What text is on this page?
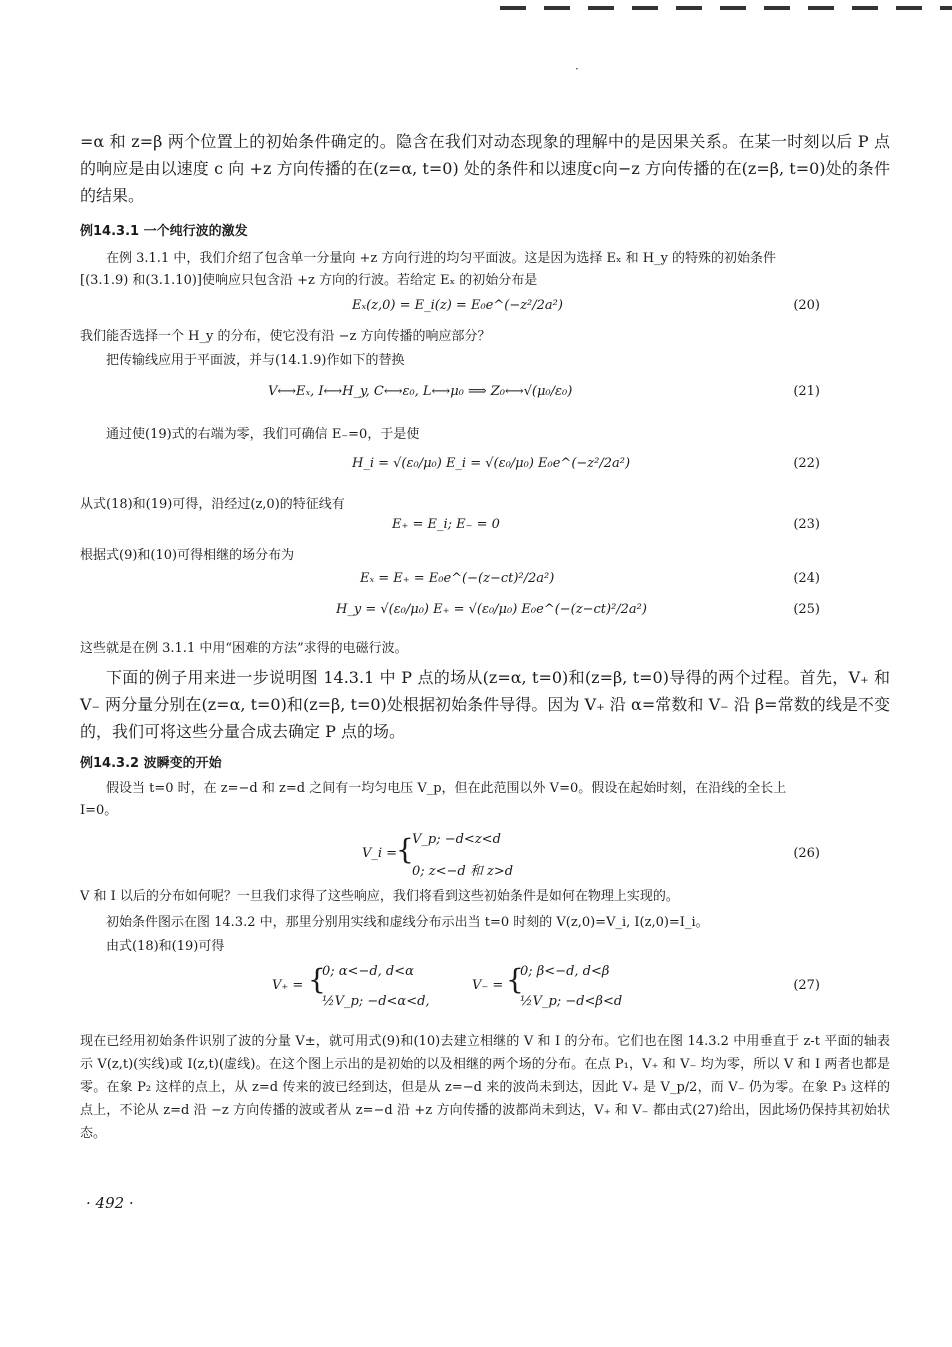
·

=α 和 z=β 两个位置上的初始条件确定的。隐含在我们对动态现象的理解中的是因果关系。在某一时刻以后 P 点的响应是由以速度 c 向 +z 方向传播的在(z=α, t=0) 处的条件和以速度c向−z 方向传播的在(z=β, t=0)处的条件的结果。

例14.3.1 一个纯行波的激发

在例 3.1.1 中，我们介绍了包含单一分量向 +z 方向行进的均匀平面波。这是因为选择 Eₓ 和 H_y 的特殊的初始条件[(3.1.9) 和(3.1.10)]使响应只包含沿 +z 方向的行波。若给定 Eₓ 的初始分布是

Eₓ(z,0) = E_i(z) = E₀e^(−z²/2a²)	(20)

我们能否选择一个 H_y 的分布，使它没有沿 −z 方向传播的响应部分？

把传输线应用于平面波，并与(14.1.9)作如下的替换

V⟷Eₓ, I⟷H_y, C⟷ε₀, L⟷μ₀ ⟹ Z₀⟷√(μ₀/ε₀)	(21)

通过使(19)式的右端为零，我们可确信 E₋=0，于是使

H_i = √(ε₀/μ₀) E_i = √(ε₀/μ₀) E₀e^(−z²/2a²)	(22)

从式(18)和(19)可得，沿经过(z,0)的特征线有

E₊ = E_i; E₋ = 0	(23)

根据式(9)和(10)可得相继的场分布为

Eₓ = E₊ = E₀e^(−(z−ct)²/2a²)	(24)
H_y = √(ε₀/μ₀) E₊ = √(ε₀/μ₀) E₀e^(−(z−ct)²/2a²)	(25)

这些就是在例 3.1.1 中用“困难的方法”求得的电磁行波。

下面的例子用来进一步说明图 14.3.1 中 P 点的场从(z=α, t=0)和(z=β, t=0)导得的两个过程。首先，V₊ 和 V₋ 两分量分别在(z=α, t=0)和(z=β, t=0)处根据初始条件导得。因为 V₊ 沿 α=常数和 V₋ 沿 β=常数的线是不变的，我们可将这些分量合成去确定 P 点的场。

例14.3.2 波瞬变的开始

假设当 t=0 时，在 z=−d 和 z=d 之间有一均匀电压 V_p，但在此范围以外 V=0。假设在起始时刻，在沿线的全长上 I=0。

V_i =
{
V_p; −d<z<d
0; z<−d 和 z>d
(26)

V 和 I 以后的分布如何呢？一旦我们求得了这些响应，我们将看到这些初始条件是如何在物理上实现的。

初始条件图示在图 14.3.2 中，那里分别用实线和虚线分布示出当 t=0 时刻的 V(z,0)=V_i, I(z,0)=I_i。

由式(18)和(19)可得

V₊ = {
0; α<−d, d<α
½V_p; −d<α<d,
V₋ = {
0; β<−d, d<β
½V_p; −d<β<d
(27)

现在已经用初始条件识别了波的分量 V±，就可用式(9)和(10)去建立相继的 V 和 I 的分布。它们也在图 14.3.2 中用垂直于 z-t 平面的轴表示 V(z,t)(实线)或 I(z,t)(虚线)。在这个图上示出的是初始的以及相继的两个场的分布。在点 P₁，V₊ 和 V₋ 均为零，所以 V 和 I 两者也都是零。在象 P₂ 这样的点上，从 z=d 传来的波已经到达，但是从 z=−d 来的波尚未到达，因此 V₊ 是 V_p/2，而 V₋ 仍为零。在象 P₃ 这样的点上，不论从 z=d 沿 −z 方向传播的波或者从 z=−d 沿 +z 方向传播的波都尚未到达，V₊ 和 V₋ 都由式(27)给出，因此场仍保持其初始状态。

· 492 ·
